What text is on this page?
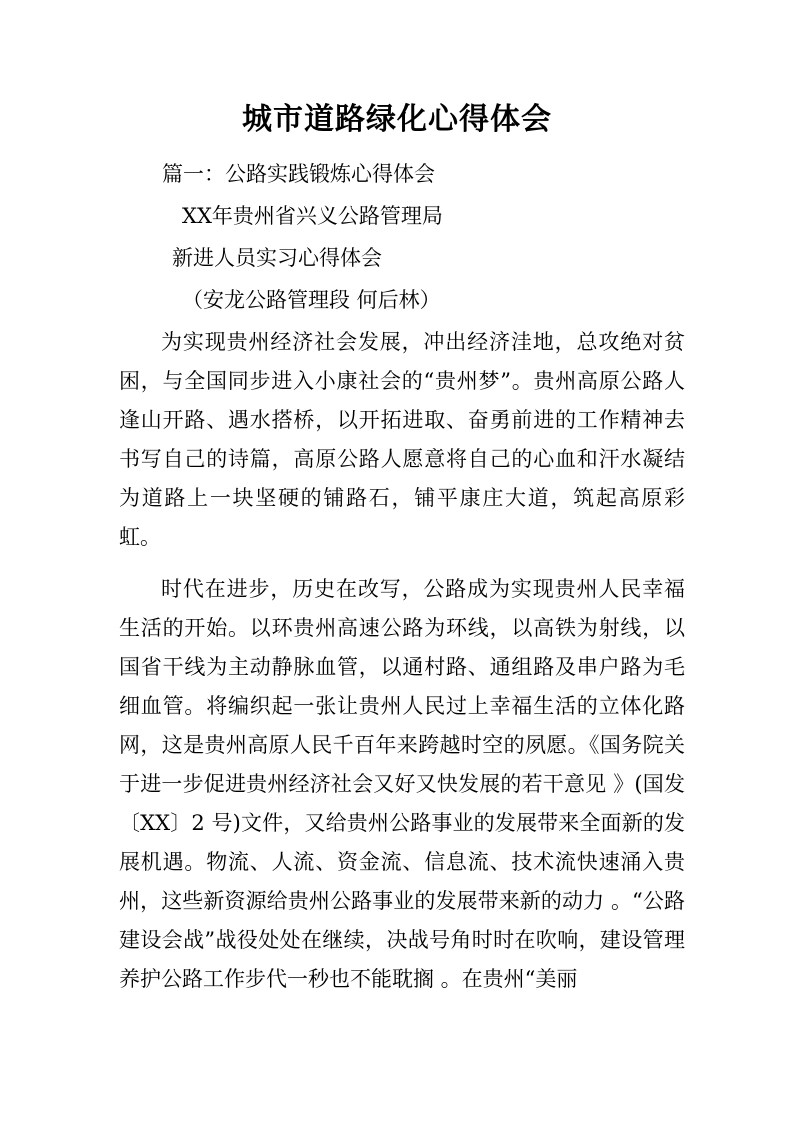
城市道路绿化心得体会
篇一：公路实践锻炼心得体会
XX年贵州省兴义公路管理局
新进人员实习心得体会
（安龙公路管理段 何后林）

为实现贵州经济社会发展，冲出经济洼地，总攻绝对贫困，与全国同步进入小康社会的“贵州梦”。贵州高原公路人逢山开路、遇水搭桥，以开拓进取、奋勇前进的工作精神去书写自己的诗篇，高原公路人愿意将自己的心血和汗水凝结为道路上一块坚硬的铺路石，铺平康庄大道，筑起高原彩虹。

时代在进步，历史在改写，公路成为实现贵州人民幸福生活的开始。以环贵州高速公路为环线，以高铁为射线，以国省干线为主动静脉血管，以通村路、通组路及串户路为毛细血管。将编织起一张让贵州人民过上幸福生活的立体化路网，这是贵州高原人民千百年来跨越时空的夙愿。《国务院关于进一步促进贵州经济社会又好又快发展的若干意见 》(国发〔XX〕2 号)文件，又给贵州公路事业的发展带来全面新的发展机遇。物流、人流、资金流、信息流、技术流快速涌入贵州，这些新资源给贵州公路事业的发展带来新的动力 。“公路建设会战”战役处处在继续，决战号角时时在吹响，建设管理养护公路工作步代一秒也不能耽搁 。在贵州“美丽
